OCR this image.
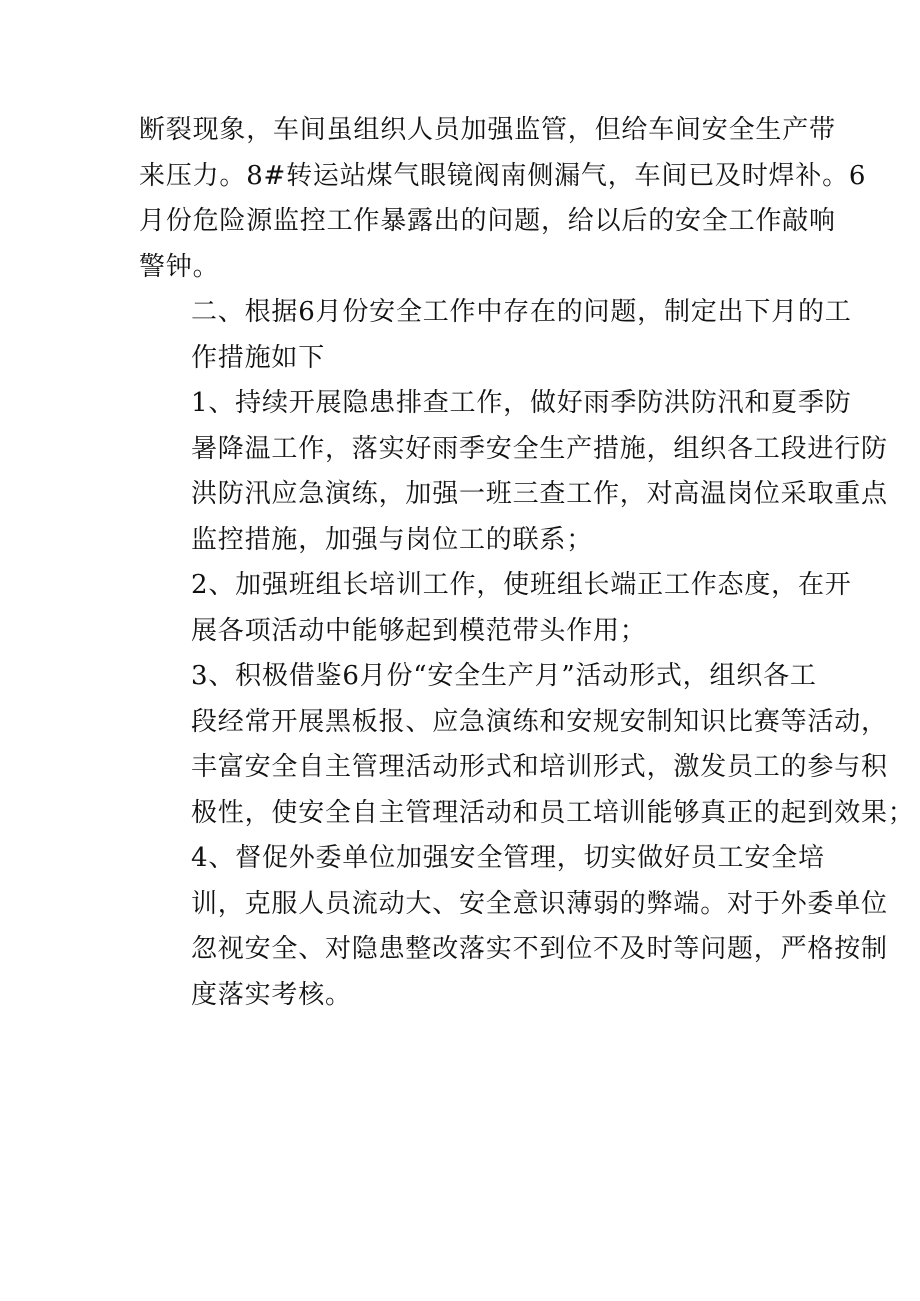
断裂现象，车间虽组织人员加强监管，但给车间安全生产带
来压力。8#转运站煤气眼镜阀南侧漏气，车间已及时焊补。6
月份危险源监控工作暴露出的问题，给以后的安全工作敲响
警钟。

二、根据6月份安全工作中存在的问题，制定出下月的工
作措施如下

1、持续开展隐患排查工作，做好雨季防洪防汛和夏季防
暑降温工作，落实好雨季安全生产措施，组织各工段进行防
洪防汛应急演练，加强一班三查工作，对高温岗位采取重点
监控措施，加强与岗位工的联系；

2、加强班组长培训工作，使班组长端正工作态度，在开
展各项活动中能够起到模范带头作用；

3、积极借鉴6月份“安全生产月”活动形式，组织各工
段经常开展黑板报、应急演练和安规安制知识比赛等活动，
丰富安全自主管理活动形式和培训形式，激发员工的参与积
极性，使安全自主管理活动和员工培训能够真正的起到效果；

4、督促外委单位加强安全管理，切实做好员工安全培
训，克服人员流动大、安全意识薄弱的弊端。对于外委单位
忽视安全、对隐患整改落实不到位不及时等问题，严格按制
度落实考核。
